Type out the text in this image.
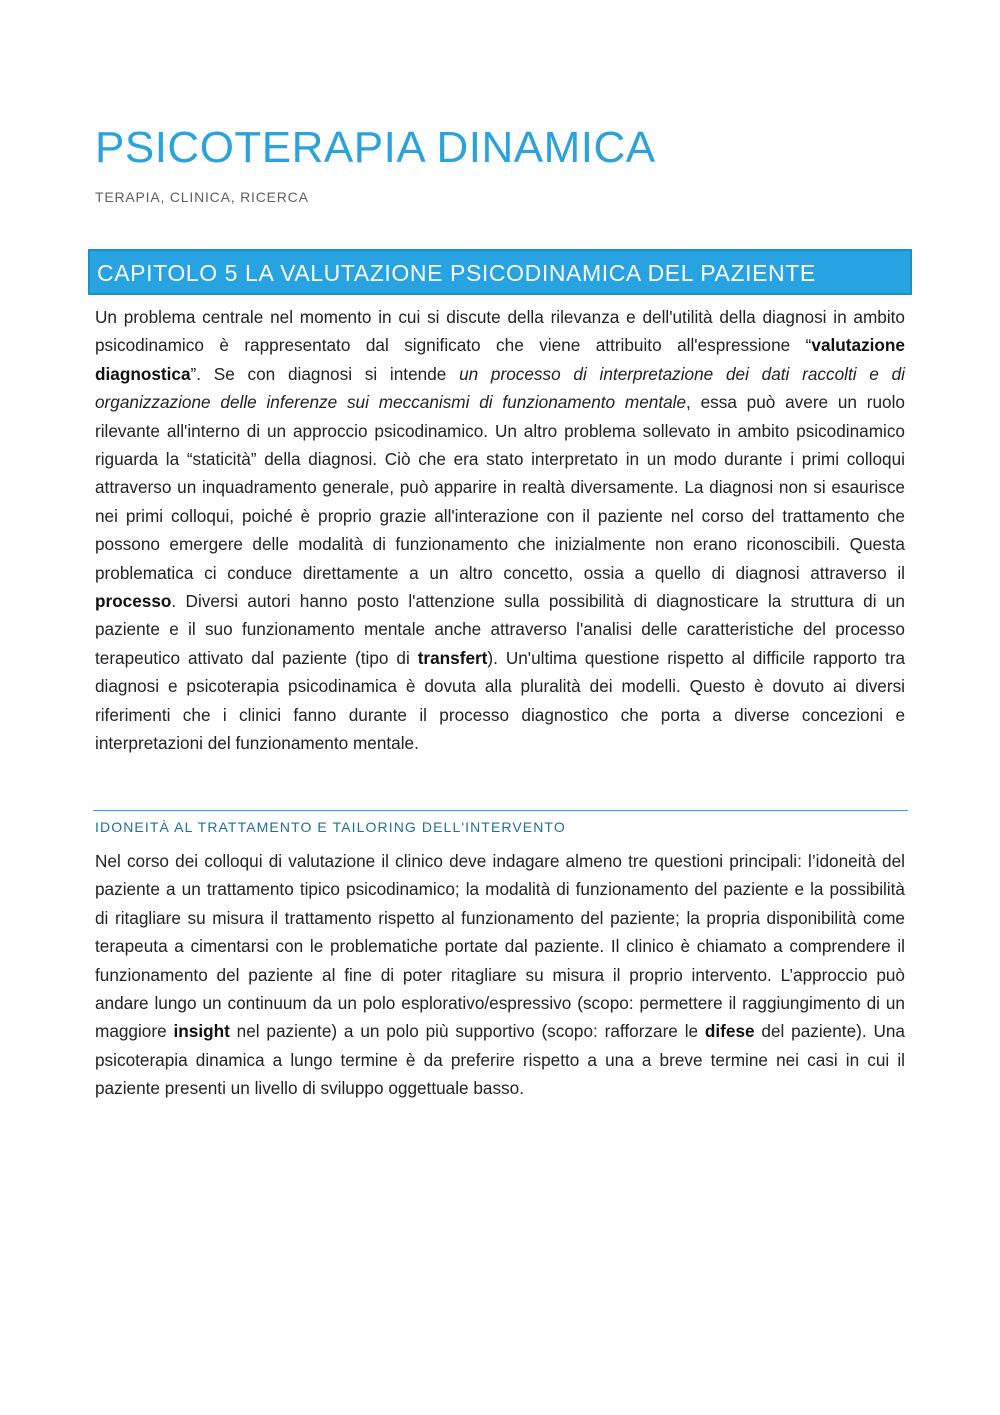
PSICOTERAPIA DINAMICA
TERAPIA, CLINICA, RICERCA
CAPITOLO 5 LA VALUTAZIONE PSICODINAMICA DEL PAZIENTE

Un problema centrale nel momento in cui si discute della rilevanza e dell'utilità della diagnosi in ambito psicodinamico è rappresentato dal significato che viene attribuito all'espressione “valutazione diagnostica”. Se con diagnosi si intende un processo di interpretazione dei dati raccolti e di organizzazione delle inferenze sui meccanismi di funzionamento mentale, essa può avere un ruolo rilevante all'interno di un approccio psicodinamico. Un altro problema sollevato in ambito psicodinamico riguarda la “staticità” della diagnosi. Ciò che era stato interpretato in un modo durante i primi colloqui attraverso un inquadramento generale, può apparire in realtà diversamente. La diagnosi non si esaurisce nei primi colloqui, poiché è proprio grazie all'interazione con il paziente nel corso del trattamento che possono emergere delle modalità di funzionamento che inizialmente non erano riconoscibili. Questa problematica ci conduce direttamente a un altro concetto, ossia a quello di diagnosi attraverso il processo. Diversi autori hanno posto l'attenzione sulla possibilità di diagnosticare la struttura di un paziente e il suo funzionamento mentale anche attraverso l'analisi delle caratteristiche del processo terapeutico attivato dal paziente (tipo di transfert). Un'ultima questione rispetto al difficile rapporto tra diagnosi e psicoterapia psicodinamica è dovuta alla pluralità dei modelli. Questo è dovuto ai diversi riferimenti che i clinici fanno durante il processo diagnostico che porta a diverse concezioni e interpretazioni del funzionamento mentale.

IDONEITÀ AL TRATTAMENTO E TAILORING DELL'INTERVENTO

Nel corso dei colloqui di valutazione il clinico deve indagare almeno tre questioni principali: l’idoneità del paziente a un trattamento tipico psicodinamico; la modalità di funzionamento del paziente e la possibilità di ritagliare su misura il trattamento rispetto al funzionamento del paziente; la propria disponibilità come terapeuta a cimentarsi con le problematiche portate dal paziente. Il clinico è chiamato a comprendere il funzionamento del paziente al fine di poter ritagliare su misura il proprio intervento. L’approccio può andare lungo un continuum da un polo esplorativo/espressivo (scopo: permettere il raggiungimento di un maggiore insight nel paziente) a un polo più supportivo (scopo: rafforzare le difese del paziente). Una psicoterapia dinamica a lungo termine è da preferire rispetto a una a breve termine nei casi in cui il paziente presenti un livello di sviluppo oggettuale basso.
